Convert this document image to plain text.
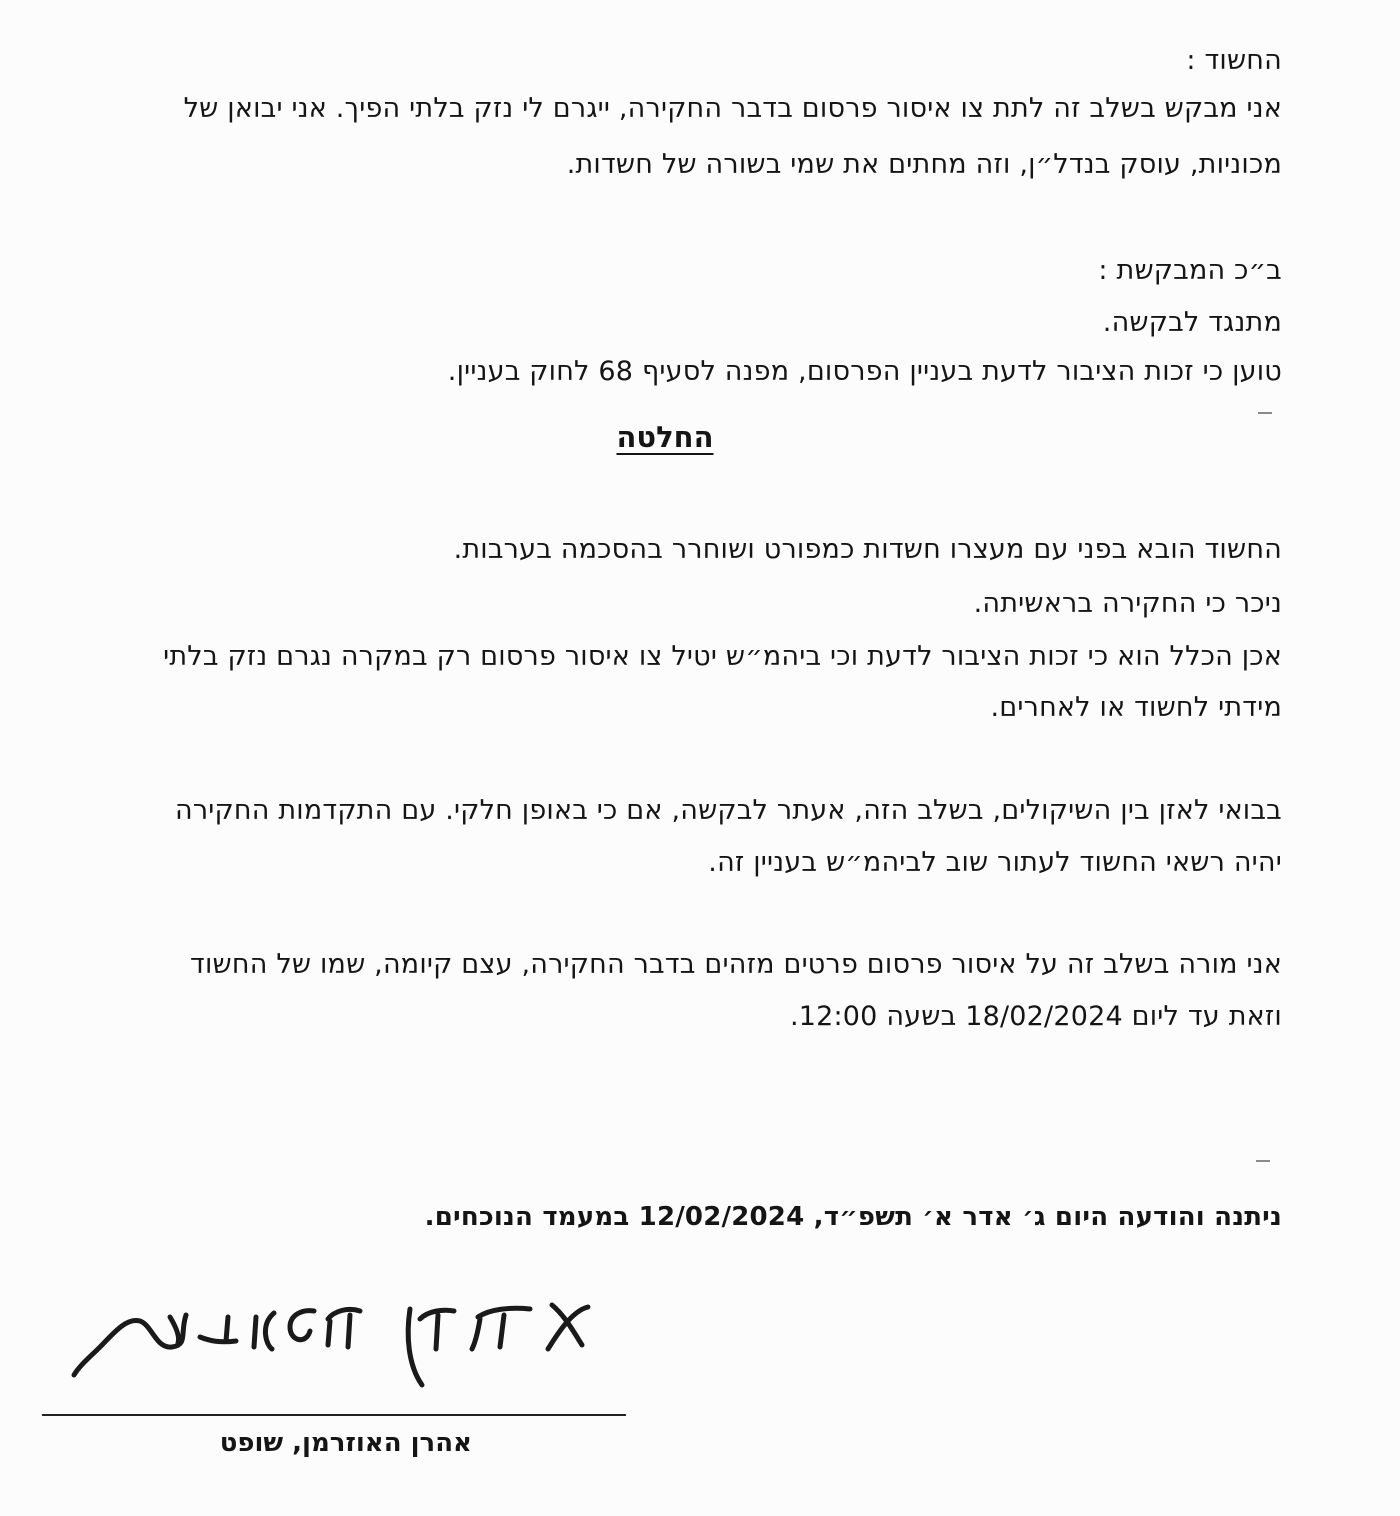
החשוד :
אני מבקש בשלב זה לתת צו איסור פרסום בדבר החקירה, ייגרם לי נזק בלתי הפיך. אני יבואן של
מכוניות, עוסק בנדל״ן, וזה מחתים את שמי בשורה של חשדות.
ב״כ המבקשת :
מתנגד לבקשה.
טוען כי זכות הציבור לדעת בעניין הפרסום, מפנה לסעיף 68 לחוק בעניין.
החלטה
החשוד הובא בפני עם מעצרו חשדות כמפורט ושוחרר בהסכמה בערבות.
ניכר כי החקירה בראשיתה.
אכן הכלל הוא כי זכות הציבור לדעת וכי ביהמ״ש יטיל צו איסור פרסום רק במקרה נגרם נזק בלתי
מידתי לחשוד או לאחרים.
בבואי לאזן בין השיקולים, בשלב הזה, אעתר לבקשה, אם כי באופן חלקי. עם התקדמות החקירה
יהיה רשאי החשוד לעתור שוב לביהמ״ש בעניין זה.
אני מורה בשלב זה על איסור פרסום פרטים מזהים בדבר החקירה, עצם קיומה, שמו של החשוד
וזאת עד ליום 18/02/2024 בשעה 12:00.
ניתנה והודעה היום ג׳ אדר א׳ תשפ״ד, 12/02/2024 במעמד הנוכחים.
אהרן האוזרמן, שופט
